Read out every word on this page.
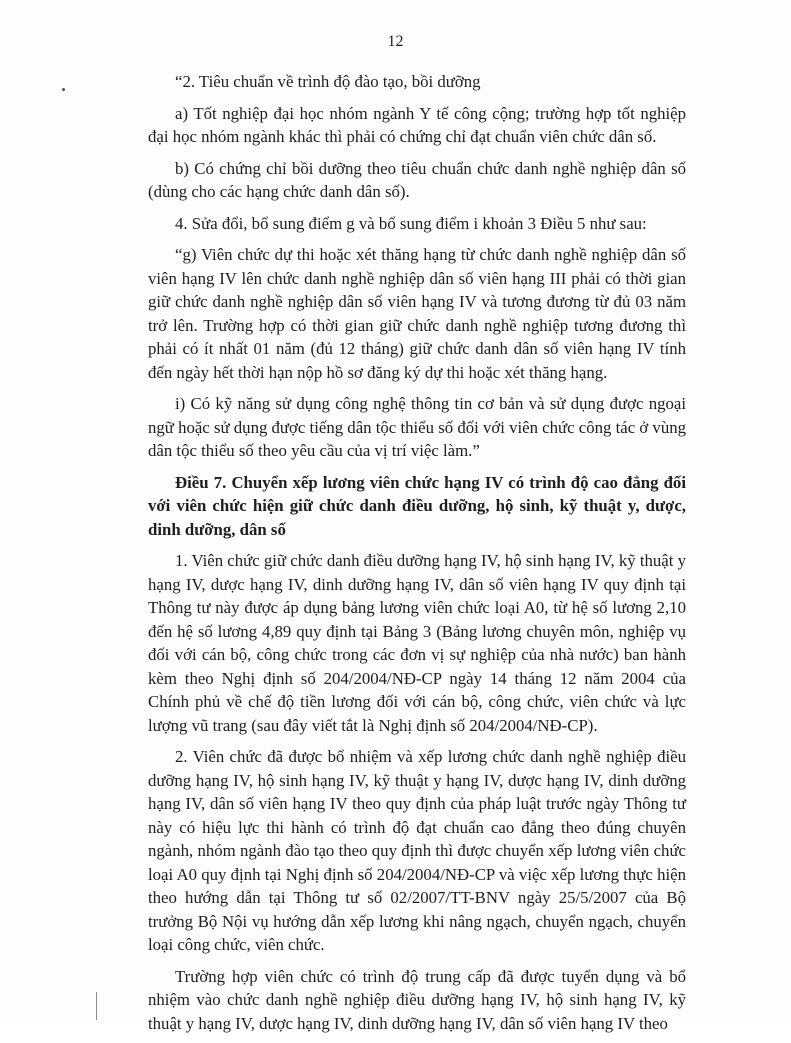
12

“2. Tiêu chuẩn về trình độ đào tạo, bồi dưỡng

a) Tốt nghiệp đại học nhóm ngành Y tế công cộng; trường hợp tốt nghiệp đại học nhóm ngành khác thì phải có chứng chỉ đạt chuẩn viên chức dân số.

b) Có chứng chỉ bồi dưỡng theo tiêu chuẩn chức danh nghề nghiệp dân số (dùng cho các hạng chức danh dân số).

4. Sửa đổi, bổ sung điểm g và bổ sung điểm i khoản 3 Điều 5 như sau:

“g) Viên chức dự thi hoặc xét thăng hạng từ chức danh nghề nghiệp dân số viên hạng IV lên chức danh nghề nghiệp dân số viên hạng III phải có thời gian giữ chức danh nghề nghiệp dân số viên hạng IV và tương đương từ đủ 03 năm trở lên. Trường hợp có thời gian giữ chức danh nghề nghiệp tương đương thì phải có ít nhất 01 năm (đủ 12 tháng) giữ chức danh dân số viên hạng IV tính đến ngày hết thời hạn nộp hồ sơ đăng ký dự thi hoặc xét thăng hạng.

i) Có kỹ năng sử dụng công nghệ thông tin cơ bản và sử dụng được ngoại ngữ hoặc sử dụng được tiếng dân tộc thiểu số đối với viên chức công tác ở vùng dân tộc thiểu số theo yêu cầu của vị trí việc làm.”

Điều 7. Chuyển xếp lương viên chức hạng IV có trình độ cao đẳng đối với viên chức hiện giữ chức danh điều dưỡng, hộ sinh, kỹ thuật y, dược, dinh dưỡng, dân số

1. Viên chức giữ chức danh điều dưỡng hạng IV, hộ sinh hạng IV, kỹ thuật y hạng IV, dược hạng IV, dinh dưỡng hạng IV, dân số viên hạng IV quy định tại Thông tư này được áp dụng bảng lương viên chức loại A0, từ hệ số lương 2,10 đến hệ số lương 4,89 quy định tại Bảng 3 (Bảng lương chuyên môn, nghiệp vụ đối với cán bộ, công chức trong các đơn vị sự nghiệp của nhà nước) ban hành kèm theo Nghị định số 204/2004/NĐ-CP ngày 14 tháng 12 năm 2004 của Chính phủ về chế độ tiền lương đối với cán bộ, công chức, viên chức và lực lượng vũ trang (sau đây viết tắt là Nghị định số 204/2004/NĐ-CP).

2. Viên chức đã được bổ nhiệm và xếp lương chức danh nghề nghiệp điều dưỡng hạng IV, hộ sinh hạng IV, kỹ thuật y hạng IV, dược hạng IV, dinh dưỡng hạng IV, dân số viên hạng IV theo quy định của pháp luật trước ngày Thông tư này có hiệu lực thi hành có trình độ đạt chuẩn cao đẳng theo đúng chuyên ngành, nhóm ngành đào tạo theo quy định thì được chuyển xếp lương viên chức loại A0 quy định tại Nghị định số 204/2004/NĐ-CP và việc xếp lương thực hiện theo hướng dẫn tại Thông tư số 02/2007/TT-BNV ngày 25/5/2007 của Bộ trưởng Bộ Nội vụ hướng dẫn xếp lương khi nâng ngạch, chuyển ngạch, chuyển loại công chức, viên chức.

Trường hợp viên chức có trình độ trung cấp đã được tuyển dụng và bổ nhiệm vào chức danh nghề nghiệp điều dưỡng hạng IV, hộ sinh hạng IV, kỹ thuật y hạng IV, dược hạng IV, dinh dưỡng hạng IV, dân số viên hạng IV theo
